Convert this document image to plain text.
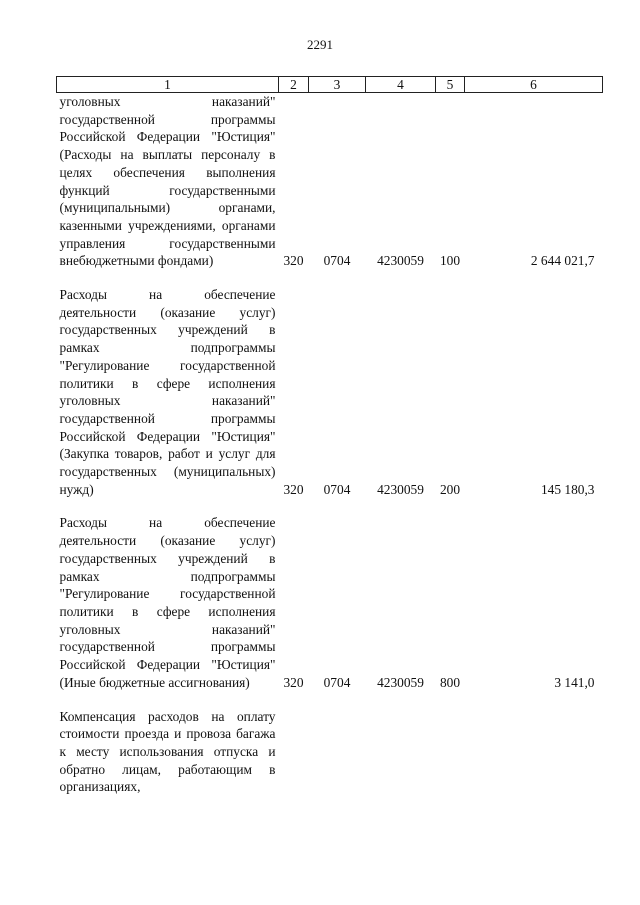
2291
1	2	3	4	5	6
уголовных наказаний" государственной программы Российской Федерации "Юстиция" (Расходы на выплаты персоналу в целях обеспечения выполнения функций государственными (муниципальными) органами, казенными учреждениями, органами управления государственными внебюджетными фондами)	320	0704	4230059	100	2 644 021,7
Расходы на обеспечение деятельности (оказание услуг) государственных учреждений в рамках подпрограммы "Регулирование государственной политики в сфере исполнения уголовных наказаний" государственной программы Российской Федерации "Юстиция" (Закупка товаров, работ и услуг для государственных (муниципальных) нужд)	320	0704	4230059	200	145 180,3
Расходы на обеспечение деятельности (оказание услуг) государственных учреждений в рамках подпрограммы "Регулирование государственной политики в сфере исполнения уголовных наказаний" государственной программы Российской Федерации "Юстиция" (Иные бюджетные ассигнования)	320	0704	4230059	800	3 141,0
Компенсация расходов на оплату стоимости проезда и провоза багажа к месту использования отпуска и обратно лицам, работающим в организациях,					
